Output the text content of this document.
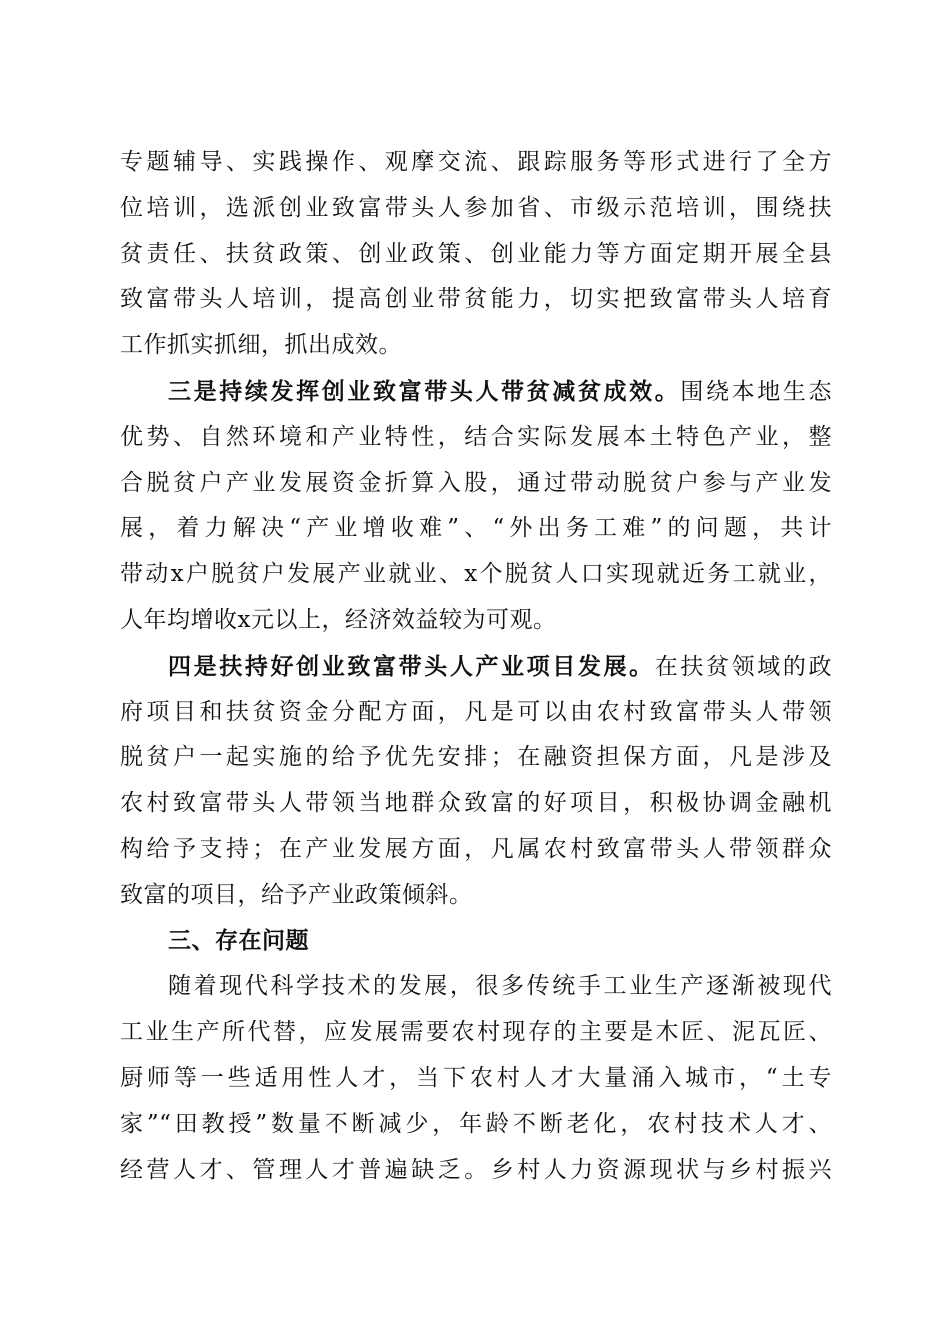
专题辅导、实践操作、观摩交流、跟踪服务等形式进行了全方
位培训，选派创业致富带头人参加省、市级示范培训，围绕扶
贫责任、扶贫政策、创业政策、创业能力等方面定期开展全县
致富带头人培训，提高创业带贫能力，切实把致富带头人培育
工作抓实抓细，抓出成效。
三是持续发挥创业致富带头人带贫减贫成效。围绕本地生态
优势、自然环境和产业特性，结合实际发展本土特色产业，整
合脱贫户产业发展资金折算入股，通过带动脱贫户参与产业发
展，着力解决“产业增收难”、“外出务工难”的问题，共计
带动x户脱贫户发展产业就业、x个脱贫人口实现就近务工就业，
人年均增收x元以上，经济效益较为可观。
四是扶持好创业致富带头人产业项目发展。在扶贫领域的政
府项目和扶贫资金分配方面，凡是可以由农村致富带头人带领
脱贫户一起实施的给予优先安排；在融资担保方面，凡是涉及
农村致富带头人带领当地群众致富的好项目，积极协调金融机
构给予支持；在产业发展方面，凡属农村致富带头人带领群众
致富的项目，给予产业政策倾斜。
三、存在问题
随着现代科学技术的发展，很多传统手工业生产逐渐被现代
工业生产所代替，应发展需要农村现存的主要是木匠、泥瓦匠、
厨师等一些适用性人才，当下农村人才大量涌入城市，“土专
家”“田教授”数量不断减少，年龄不断老化，农村技术人才、
经营人才、管理人才普遍缺乏。乡村人力资源现状与乡村振兴
